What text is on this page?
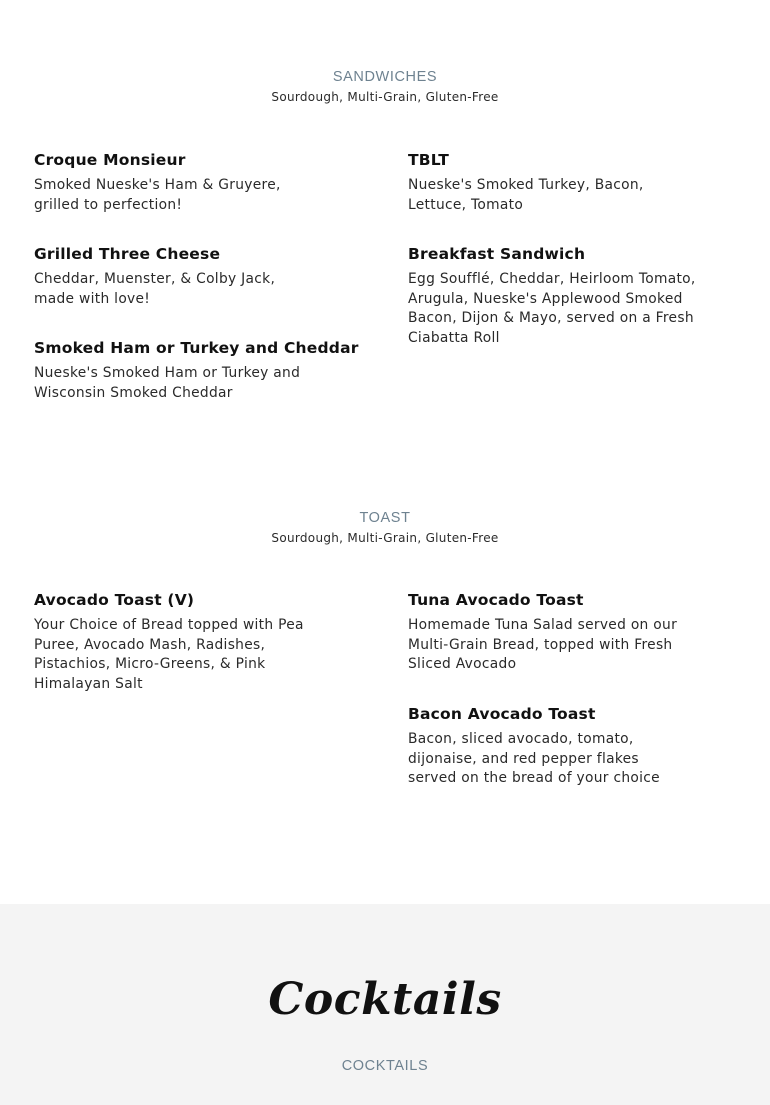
SANDWICHES
Sourdough, Multi-Grain, Gluten-Free
Croque Monsieur

Smoked Nueske's Ham & Gruyere, grilled to perfection!

TBLT

Nueske's Smoked Turkey, Bacon, Lettuce, Tomato

Grilled Three Cheese

Cheddar, Muenster, & Colby Jack, made with love!

Breakfast Sandwich

Egg Soufflé, Cheddar, Heirloom Tomato, Arugula, Nueske's Applewood Smoked Bacon, Dijon & Mayo, served on a Fresh Ciabatta Roll

Smoked Ham or Turkey and Cheddar

Nueske's Smoked Ham or Turkey and Wisconsin Smoked Cheddar

TOAST
Sourdough, Multi-Grain, Gluten-Free
Avocado Toast (V)

Your Choice of Bread topped with Pea Puree, Avocado Mash, Radishes, Pistachios, Micro-Greens, & Pink Himalayan Salt

Tuna Avocado Toast

Homemade Tuna Salad served on our Multi-Grain Bread, topped with Fresh Sliced Avocado

Bacon Avocado Toast

Bacon, sliced avocado, tomato, dijonaise, and red pepper flakes served on the bread of your choice

Cocktails
COCKTAILS
